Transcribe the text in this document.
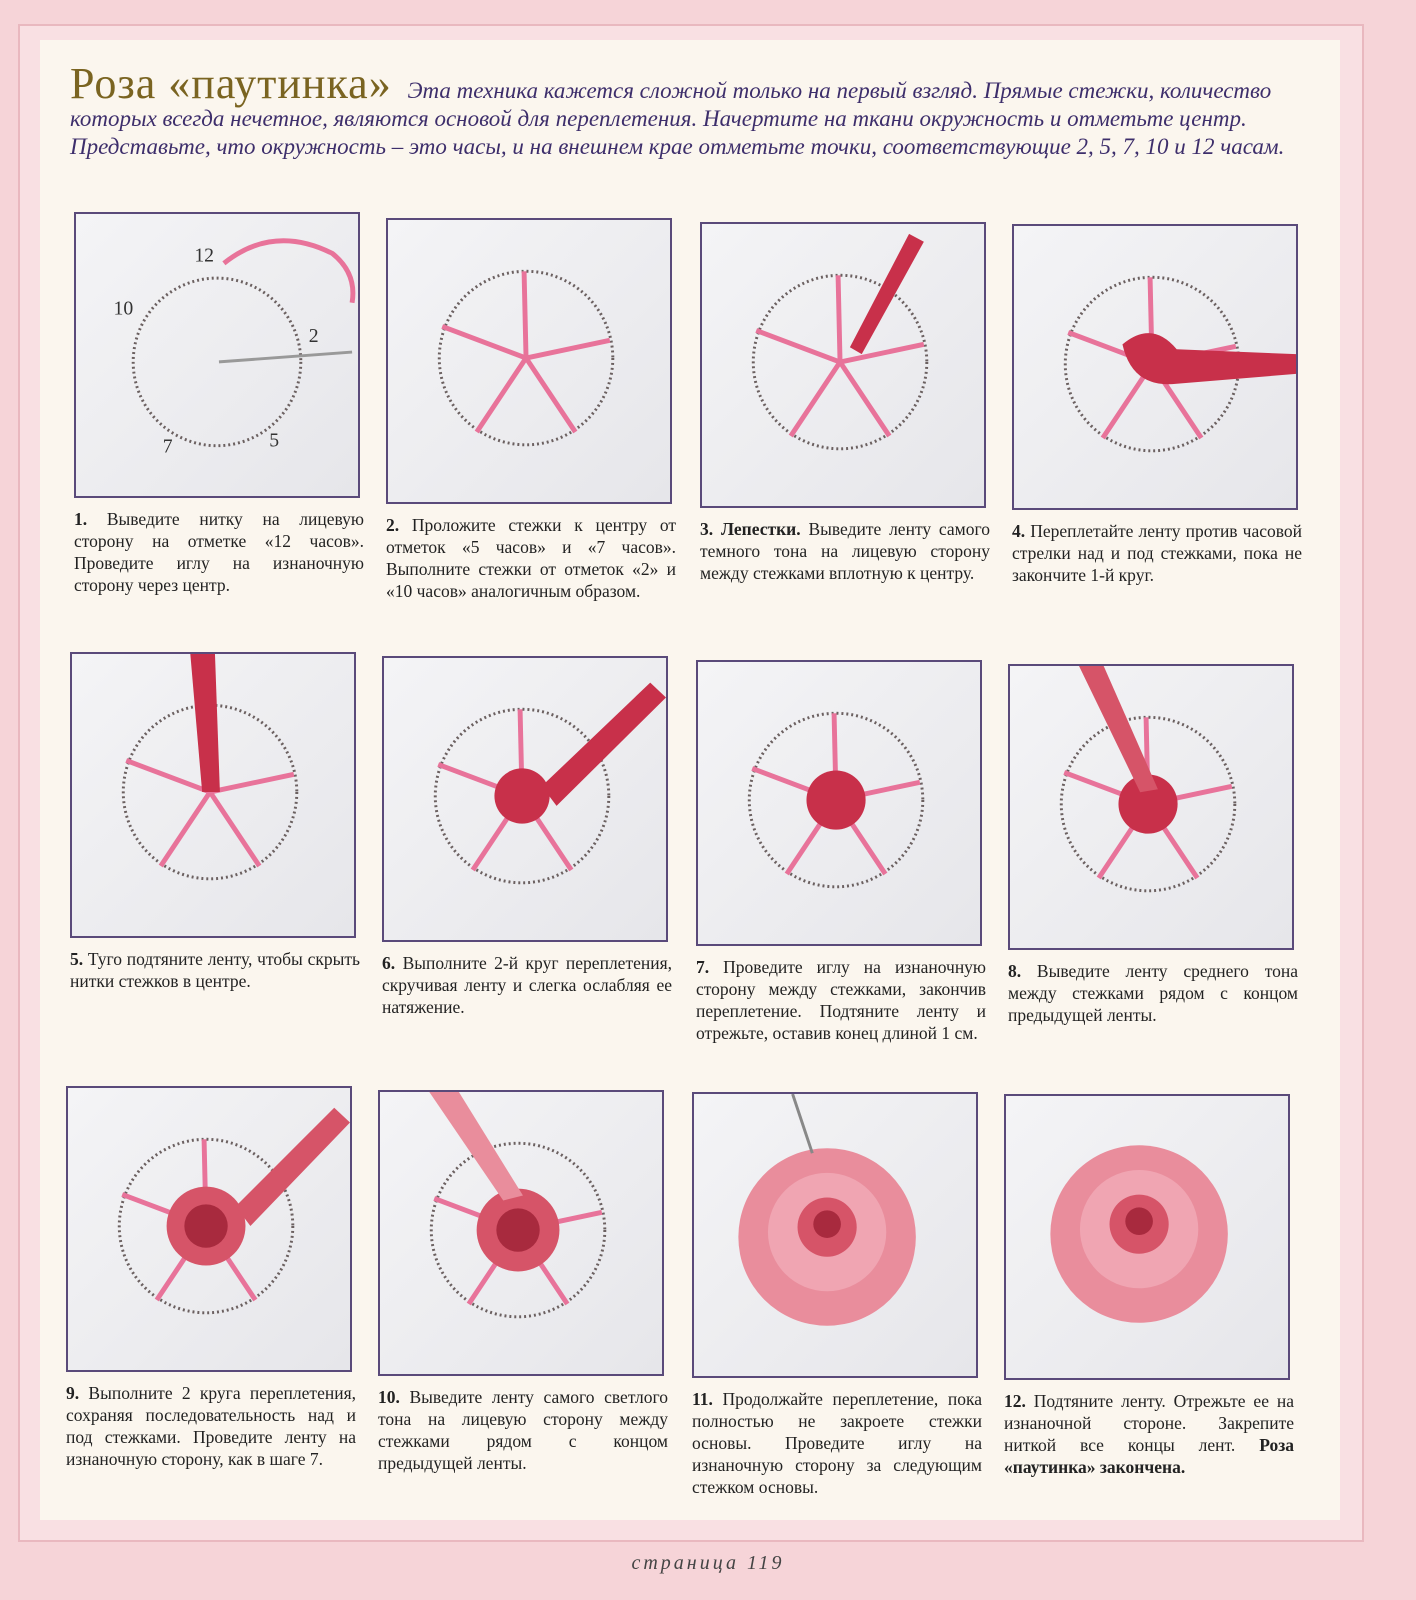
Роза «паутинка» Эта техника кажется сложной только на первый взгляд. Прямые стежки, количество которых всегда нечетное, являются основой для переплетения. Начертите на ткани окружность и отметьте центр. Представьте, что окружность – это часы, и на внешнем крае отметьте точки, соответствующие 2, 5, 7, 10 и 12 часам.
12
10
2
7	5
1. Выведите нитку на лицевую сторону на отметке «12 часов». Проведите иглу на изнаночную сторону через центр.
2. Проложите стежки к центру от отметок «5 часов» и «7 часов». Выполните стежки от отметок «2» и «10 часов» аналогичным образом.
3. Лепестки. Выведите ленту самого темного тона на лицевую сторону между стежками вплотную к центру.
4. Переплетайте ленту против часовой стрелки над и под стежками, пока не закончите 1-й круг.
5. Туго подтяните ленту, чтобы скрыть нитки стежков в центре.
6. Выполните 2-й круг переплетения, скручивая ленту и слегка ослабляя ее натяжение.
7. Проведите иглу на изнаночную сторону между стежками, закончив переплетение. Подтяните ленту и отрежьте, оставив конец длиной 1 см.
8. Выведите ленту среднего тона между стежками рядом с концом предыдущей ленты.
9. Выполните 2 круга переплетения, сохраняя последовательность над и под стежками. Проведите ленту на изнаночную сторону, как в шаге 7.
10. Выведите ленту самого светлого тона на лицевую сторону между стежками рядом с концом предыдущей ленты.
11. Продолжайте переплетение, пока полностью не закроете стежки основы. Проведите иглу на изнаночную сторону за следующим стежком основы.
12. Подтяните ленту. Отрежьте ее на изнаночной стороне. Закрепите ниткой все концы лент. Роза «паутинка» закончена.
страница 119
